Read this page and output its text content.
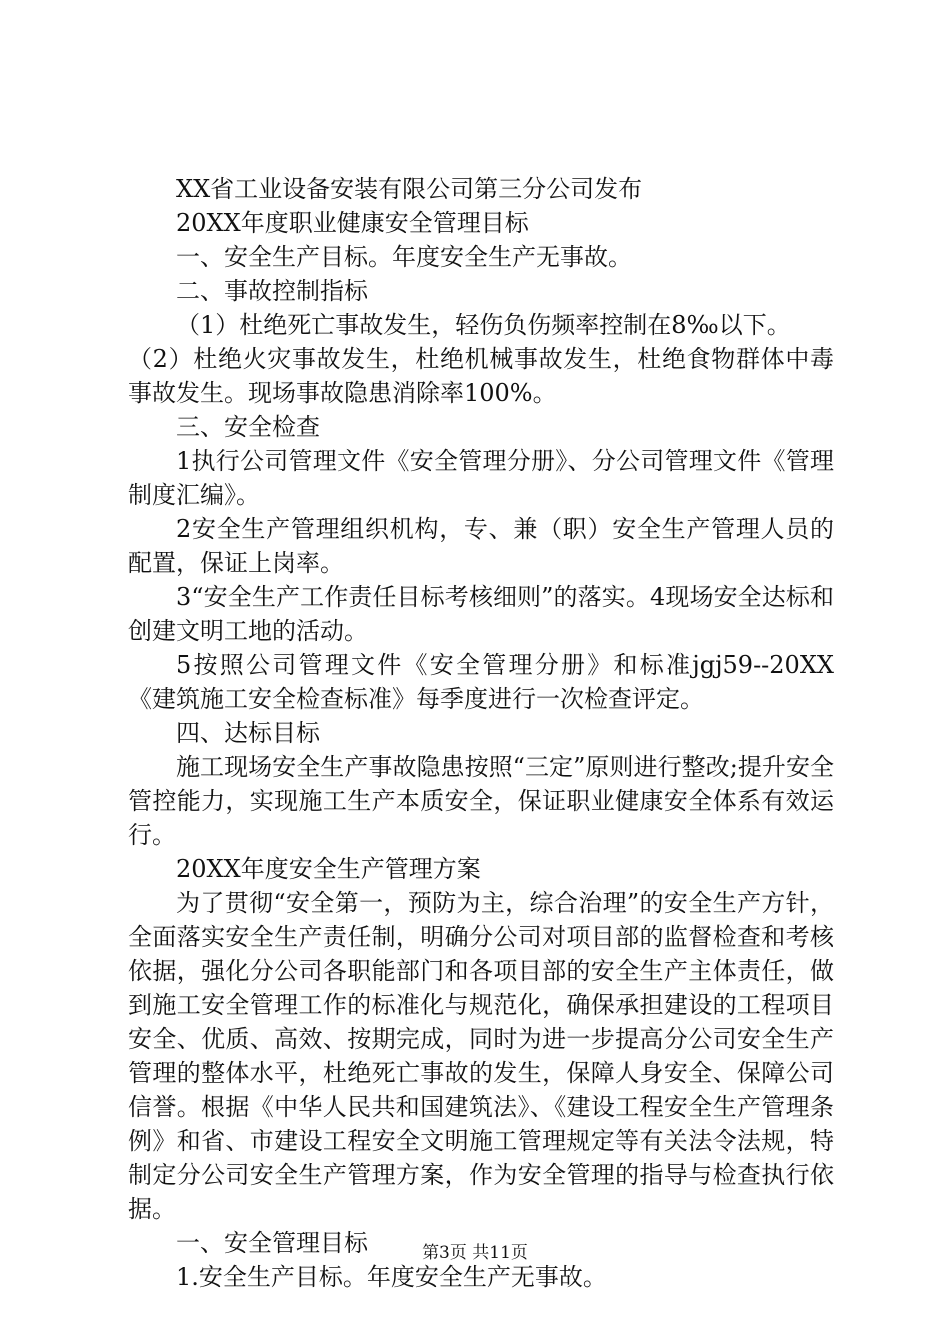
XX省工业设备安装有限公司第三分公司发布

20XX年度职业健康安全管理目标

一、安全生产目标。年度安全生产无事故。

二、事故控制指标

（1）杜绝死亡事故发生，轻伤负伤频率控制在8‰以下。

（2）杜绝火灾事故发生，杜绝机械事故发生，杜绝食物群体中毒事故发生。现场事故隐患消除率100%。

三、安全检查

1执行公司管理文件《安全管理分册》、分公司管理文件《管理制度汇编》。

2安全生产管理组织机构，专、兼（职）安全生产管理人员的配置，保证上岗率。

3“安全生产工作责任目标考核细则”的落实。4现场安全达标和创建文明工地的活动。

5按照公司管理文件《安全管理分册》和标准jgj59--20XX《建筑施工安全检查标准》每季度进行一次检查评定。

四、达标目标

施工现场安全生产事故隐患按照“三定”原则进行整改;提升安全管控能力，实现施工生产本质安全，保证职业健康安全体系有效运行。

20XX年度安全生产管理方案

为了贯彻“安全第一，预防为主，综合治理”的安全生产方针，全面落实安全生产责任制，明确分公司对项目部的监督检查和考核依据，强化分公司各职能部门和各项目部的安全生产主体责任，做到施工安全管理工作的标准化与规范化，确保承担建设的工程项目安全、优质、高效、按期完成，同时为进一步提高分公司安全生产管理的整体水平，杜绝死亡事故的发生，保障人身安全、保障公司信誉。根据《中华人民共和国建筑法》、《建设工程安全生产管理条例》和省、市建设工程安全文明施工管理规定等有关法令法规，特制定分公司安全生产管理方案，作为安全管理的指导与检查执行依据。

一、安全管理目标

1.安全生产目标。年度安全生产无事故。

第3页 共11页
